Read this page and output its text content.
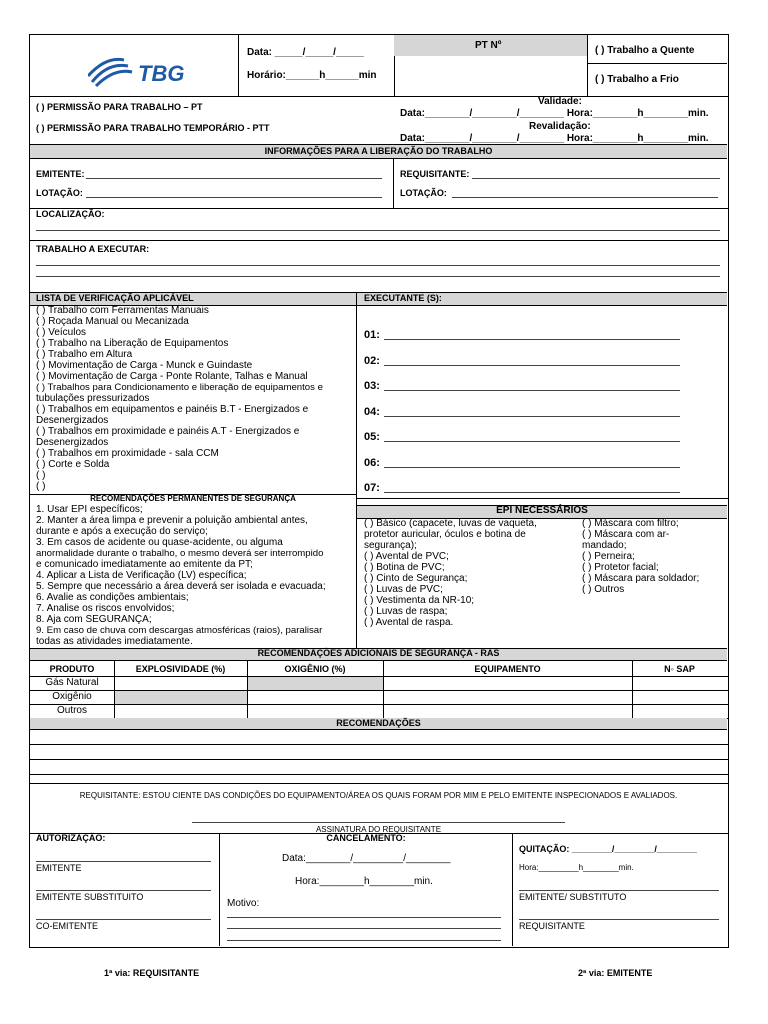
TBG
Data: _____/_____/_____
Horário:______h______min
PT Nº	( ) Trabalho a Quente
( ) Trabalho a Frio
( ) PERMISSÃO PARA TRABALHO – PT
( ) PERMISSÃO PARA TRABALHO TEMPORÁRIO - PTT
Validade:
Data:________/________/________ Hora:________h________min.
Revalidação:
Data:________/________/________ Hora:________h________min.
INFORMAÇÕES PARA A LIBERAÇÃO DO TRABALHO
EMITENTE:
LOTAÇÃO:
REQUISITANTE:
LOTAÇÃO:
LOCALIZAÇÃO:
TRABALHO A EXECUTAR:
LISTA DE VERIFICAÇÃO APLICÁVEL	EXECUTANTE (S):
( ) Trabalho com Ferramentas Manuais
( ) Roçada Manual ou Mecanizada
( ) Veículos
( ) Trabalho na Liberação de Equipamentos
( ) Trabalho em Altura
( ) Movimentação de Carga - Munck e Guindaste
( ) Movimentação de Carga - Ponte Rolante, Talhas e Manual
( ) Trabalhos para Condicionamento e liberação de equipamentos e
tubulações pressurizados
( ) Trabalhos em equipamentos e painéis B.T - Energizados e
Desenergizados
( ) Trabalhos em proximidade e painéis A.T - Energizados e
Desenergizados
( ) Trabalhos em proximidade - sala CCM
( ) Corte e Solda
( )
( )
01:
02:
03:
04:
05:
06:
07:
RECOMENDAÇÕES PERMANENTES DE SEGURANÇA
1. Usar EPI específicos;
2. Manter a área limpa e prevenir a poluição ambiental antes,
durante e após a execução do serviço;
3. Em casos de acidente ou quase-acidente, ou alguma
anormalidade durante o trabalho, o mesmo deverá ser interrompido
e comunicado imediatamente ao emitente da PT;
4. Aplicar a Lista de Verificação (LV) específica;
5. Sempre que necessário a área deverá ser isolada e evacuada;
6. Avalie as condições ambientais;
7. Analise os riscos envolvidos;
8. Aja com SEGURANÇA;
9. Em caso de chuva com descargas atmosféricas (raios), paralisar
todas as atividades imediatamente.
EPI NECESSÁRIOS
( ) Básico (capacete, luvas de vaqueta,
protetor auricular, óculos e botina de
segurança);
( ) Avental de PVC;
( ) Botina de PVC;
( ) Cinto de Segurança;
( ) Luvas de PVC;
( ) Vestimenta da NR-10;
( ) Luvas de raspa;
( ) Avental de raspa.
( ) Máscara com filtro;
( ) Máscara com ar-
mandado;
( ) Perneira;
( ) Protetor facial;
( ) Máscara para soldador;
( ) Outros
RECOMENDAÇÕES ADICIONAIS DE SEGURANÇA - RAS
PRODUTO	EXPLOSIVIDADE (%)	OXIGÊNIO (%)	EQUIPAMENTO	N◦ SAP
Gás Natural
Oxigênio
Outros
RECOMENDAÇÕES
REQUISITANTE: ESTOU CIENTE DAS CONDIÇÕES DO EQUIPAMENTO/ÁREA OS QUAIS FORAM POR MIM E PELO EMITENTE INSPECIONADOS E AVALIADOS.
ASSINATURA DO REQUISITANTE
AUTORIZAÇÃO:
EMITENTE
EMITENTE SUBSTITUITO
CO-EMITENTE
CANCELAMENTO:
Data:________/_________/________
Hora:________h________min.
Motivo:
QUITAÇÃO: ________/________/________
Hora:_________h________min.
EMITENTE/ SUBSTITUTO
REQUISITANTE
1ª via: REQUISITANTE	2ª via: EMITENTE
